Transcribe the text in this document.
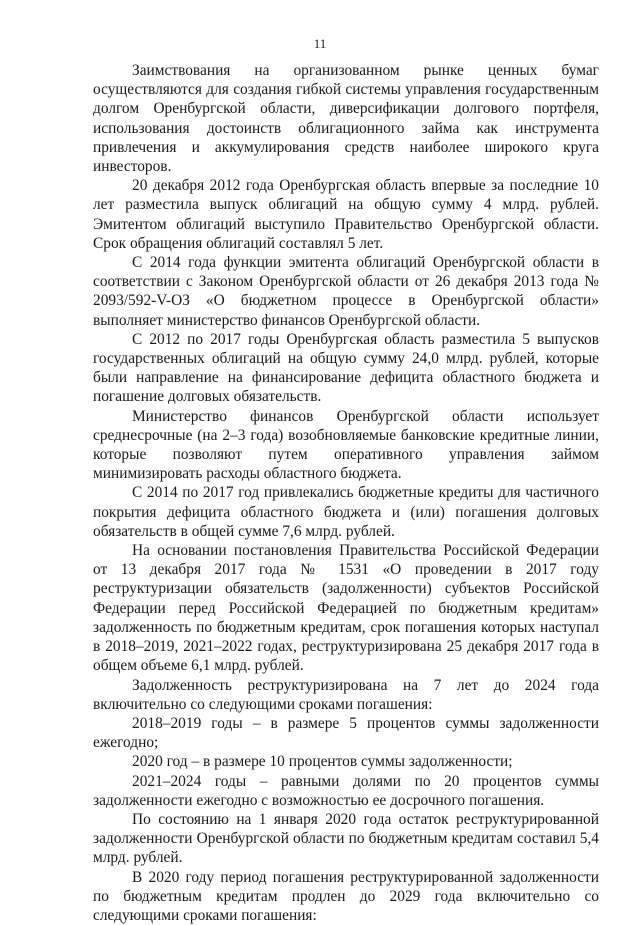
11

Заимствования на организованном рынке ценных бумаг осуществляются для создания гибкой системы управления государственным долгом Оренбургской области, диверсификации долгового портфеля, использования достоинств облигационного займа как инструмента привлечения и аккумулирования средств наиболее широкого круга инвесторов.

20 декабря 2012 года Оренбургская область впервые за последние 10 лет разместила выпуск облигаций на общую сумму 4 млрд. рублей. Эмитентом облигаций выступило Правительство Оренбургской области. Срок обращения облигаций составлял 5 лет.

С 2014 года функции эмитента облигаций Оренбургской области в соответствии с Законом Оренбургской области от 26 декабря 2013 года № 2093/592-V-ОЗ «О бюджетном процессе в Оренбургской области» выполняет министерство финансов Оренбургской области.

С 2012 по 2017 годы Оренбургская область разместила 5 выпусков государственных облигаций на общую сумму 24,0 млрд. рублей, которые были направление на финансирование дефицита областного бюджета и погашение долговых обязательств.

Министерство финансов Оренбургской области использует среднесрочные (на 2–3 года) возобновляемые банковские кредитные линии, которые позволяют путем оперативного управления займом минимизировать расходы областного бюджета.

С 2014 по 2017 год привлекались бюджетные кредиты для частичного покрытия дефицита областного бюджета и (или) погашения долговых обязательств в общей сумме 7,6 млрд. рублей.

На основании постановления Правительства Российской Федерации от 13 декабря 2017 года № 1531 «О проведении в 2017 году реструктуризации обязательств (задолженности) субъектов Российской Федерации перед Российской Федерацией по бюджетным кредитам» задолженность по бюджетным кредитам, срок погашения которых наступал в 2018–2019, 2021–2022 годах, реструктуризирована 25 декабря 2017 года в общем объеме 6,1 млрд. рублей.

Задолженность реструктуризирована на 7 лет до 2024 года включительно со следующими сроками погашения:

2018–2019 годы – в размере 5 процентов суммы задолженности ежегодно;

2020 год – в размере 10 процентов суммы задолженности;

2021–2024 годы – равными долями по 20 процентов суммы задолженности ежегодно с возможностью ее досрочного погашения.

По состоянию на 1 января 2020 года остаток реструктурированной задолженности Оренбургской области по бюджетным кредитам составил 5,4 млрд. рублей.

В 2020 году период погашения реструктурированной задолженности по бюджетным кредитам продлен до 2029 года включительно со следующими сроками погашения:
